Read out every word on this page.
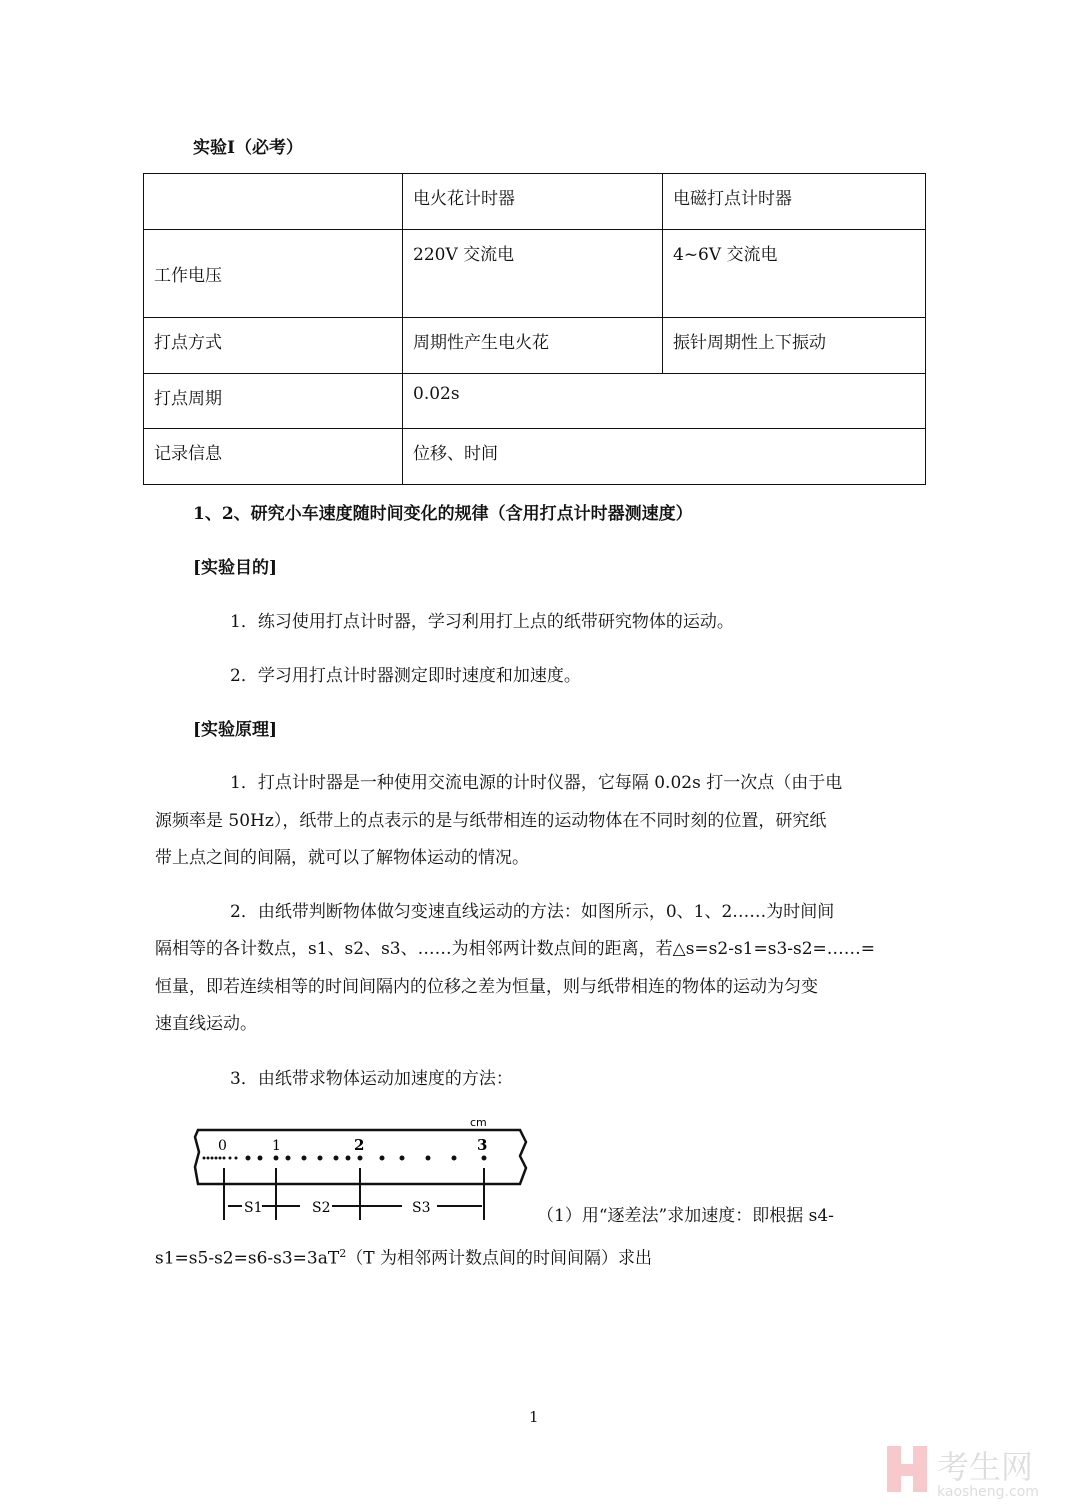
实验Ⅰ（必考）
	电火花计时器	电磁打点计时器
工作电压	220V 交流电	4~6V 交流电
打点方式	周期性产生电火花	振针周期性上下振动
打点周期	0.02s	
记录信息	位移、时间	
1、2、研究小车速度随时间变化的规律（含用打点计时器测速度）
[实验目的]
1．练习使用打点计时器，学习利用打上点的纸带研究物体的运动。
2．学习用打点计时器测定即时速度和加速度。
[实验原理]
1．打点计时器是一种使用交流电源的计时仪器，它每隔 0.02s 打一次点（由于电
源频率是 50Hz），纸带上的点表示的是与纸带相连的运动物体在不同时刻的位置，研究纸
带上点之间的间隔，就可以了解物体运动的情况。
2．由纸带判断物体做匀变速直线运动的方法：如图所示，0、1、2……为时间间
隔相等的各计数点，s1、s2、s3、……为相邻两计数点间的距离，若△s=s2-s1=s3-s2=……=
恒量，即若连续相等的时间间隔内的位移之差为恒量，则与纸带相连的物体的运动为匀变
速直线运动。
3．由纸带求物体运动加速度的方法：
cm
0	1	2	3
S1	S2	S3	（1）用“逐差法”求加速度：即根据 s4-
$s1=s5-s2=s6-s3=3aT^2(T$ 为相邻两计数点间的时间间隔）求出
1
考生网
kaosheng.com
